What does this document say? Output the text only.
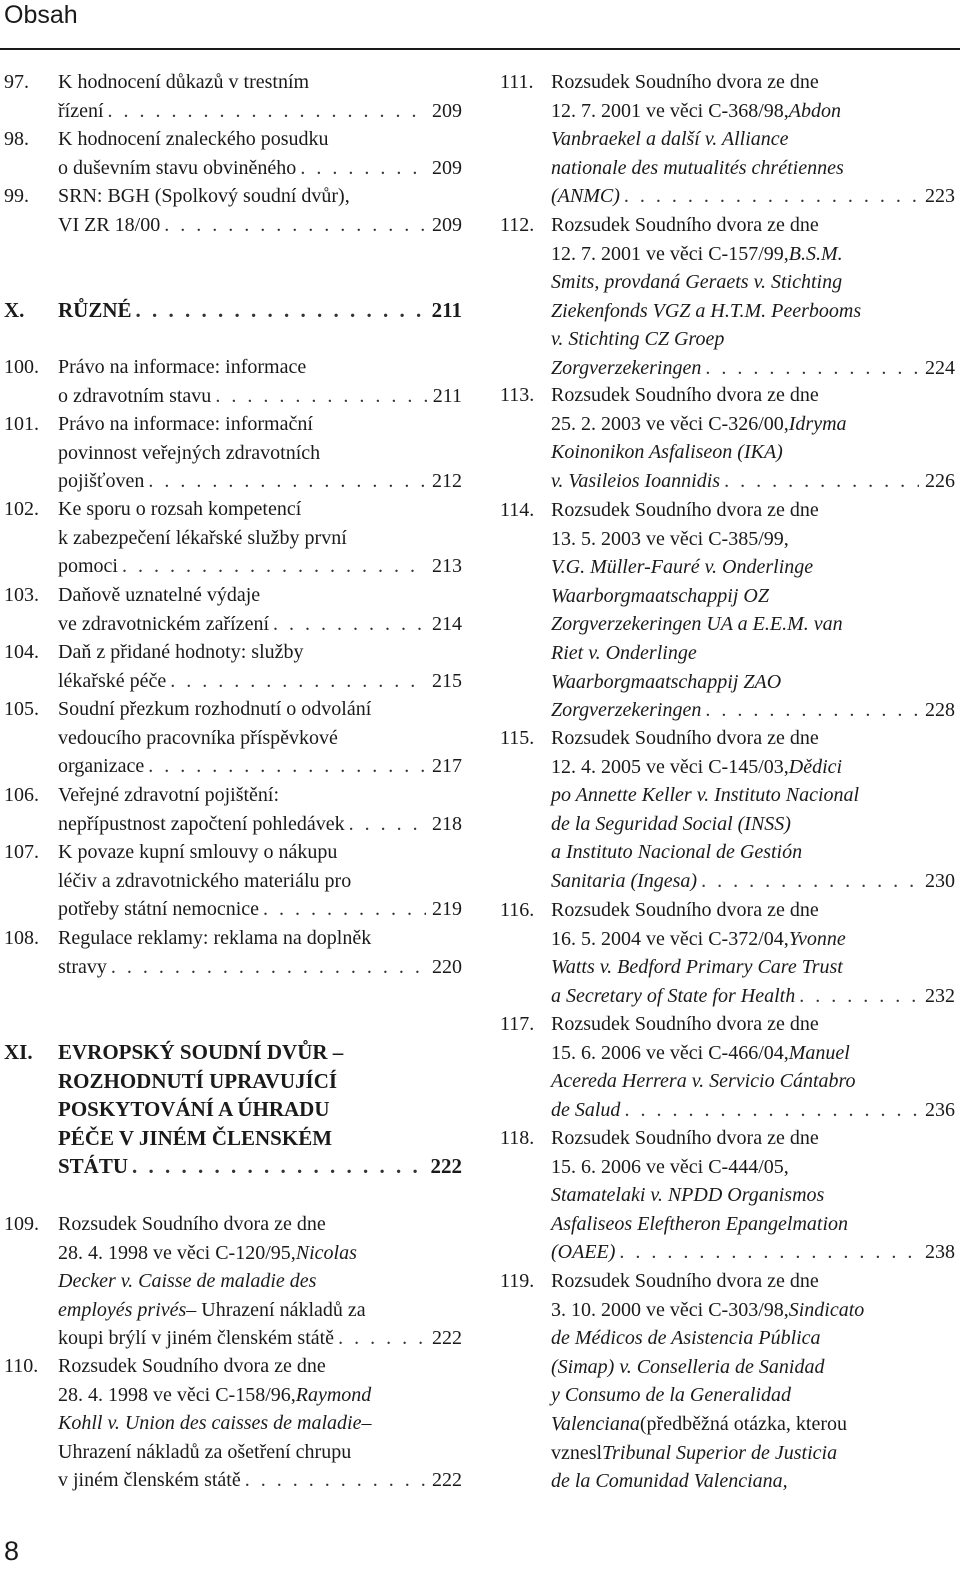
Obsah
97. K hodnocení důkazů v trestním
řízení . . .	209
98. K hodnocení znaleckého posudku
o duševním stavu obviněného . . .	209
99. SRN: BGH (Spolkový soudní dvůr),
VI ZR 18/00 . . .	209
X. RŮZNÉ . . .	211
100. Právo na informace: informace
o zdravotním stavu . . .	211
101. Právo na informace: informační
povinnost veřejných zdravotních
pojišťoven . . .	212
102. Ke sporu o rozsah kompetencí
k zabezpečení lékařské služby první
pomoci . . .	213
103. Daňově uznatelné výdaje
ve zdravotnickém zařízení . . .	214
104. Daň z přidané hodnoty: služby
lékařské péče . . .	215
105. Soudní přezkum rozhodnutí o odvolání
vedoucího pracovníka příspěvkové
organizace . . .	217
106. Veřejné zdravotní pojištění:
nepřípustnost započtení pohledávek . . .	218
107. K povaze kupní smlouvy o nákupu
léčiv a zdravotnického materiálu pro
potřeby státní nemocnice . . .	219
108. Regulace reklamy: reklama na doplněk
stravy . . .	220
XI. EVROPSKÝ SOUDNÍ DVŮR –
ROZHODNUTÍ UPRAVUJÍCÍ
POSKYTOVÁNÍ A ÚHRADU
PÉČE V JINÉM ČLENSKÉM
STÁTU . . .	222
109. Rozsudek Soudního dvora ze dne
28. 4. 1998 ve věci C-120/95, Nicolas
Decker v. Caisse de maladie des
employés privés – Uhrazení nákladů za
koupi brýlí v jiném členském státě . . .	222
110. Rozsudek Soudního dvora ze dne
28. 4. 1998 ve věci C-158/96, Raymond
Kohll v. Union des caisses de maladie –
Uhrazení nákladů za ošetření chrupu
v jiném členském státě . . .	222
111. Rozsudek Soudního dvora ze dne
12. 7. 2001 ve věci C-368/98, Abdon
Vanbraekel a další v. Alliance
nationale des mutualités chrétiennes
(ANMC) . . .	223
112. Rozsudek Soudního dvora ze dne
12. 7. 2001 ve věci C-157/99, B.S.M.
Smits, provdaná Geraets v. Stichting
Ziekenfonds VGZ a H.T.M. Peerbooms
v. Stichting CZ Groep
Zorgverzekeringen . . .	224
113. Rozsudek Soudního dvora ze dne
25. 2. 2003 ve věci C-326/00, Idryma
Koinonikon Asfaliseon (IKA)
v. Vasileios Ioannidis . . .	226
114. Rozsudek Soudního dvora ze dne
13. 5. 2003 ve věci C-385/99,
V.G. Müller-Fauré v. Onderlinge
Waarborgmaatschappij OZ
Zorgverzekeringen UA a E.E.M. van
Riet v. Onderlinge
Waarborgmaatschappij ZAO
Zorgverzekeringen . . .	228
115. Rozsudek Soudního dvora ze dne
12. 4. 2005 ve věci C-145/03, Dědici
po Annette Keller v. Instituto Nacional
de la Seguridad Social (INSS)
a Instituto Nacional de Gestión
Sanitaria (Ingesa) . . .	230
116. Rozsudek Soudního dvora ze dne
16. 5. 2004 ve věci C-372/04, Yvonne
Watts v. Bedford Primary Care Trust
a Secretary of State for Health . . .	232
117. Rozsudek Soudního dvora ze dne
15. 6. 2006 ve věci C-466/04, Manuel
Acereda Herrera v. Servicio Cántabro
de Salud . . .	236
118. Rozsudek Soudního dvora ze dne
15. 6. 2006 ve věci C-444/05,
Stamatelaki v. NPDD Organismos
Asfaliseos Eleftheron Epangelmation
(OAEE) . . .	238
119. Rozsudek Soudního dvora ze dne
3. 10. 2000 ve věci C-303/98, Sindicato
de Médicos de Asistencia Pública
(Simap) v. Conselleria de Sanidad
y Consumo de la Generalidad
Valenciana (předběžná otázka, kterou
vznesl Tribunal Superior de Justicia
de la Comunidad Valenciana,
8
